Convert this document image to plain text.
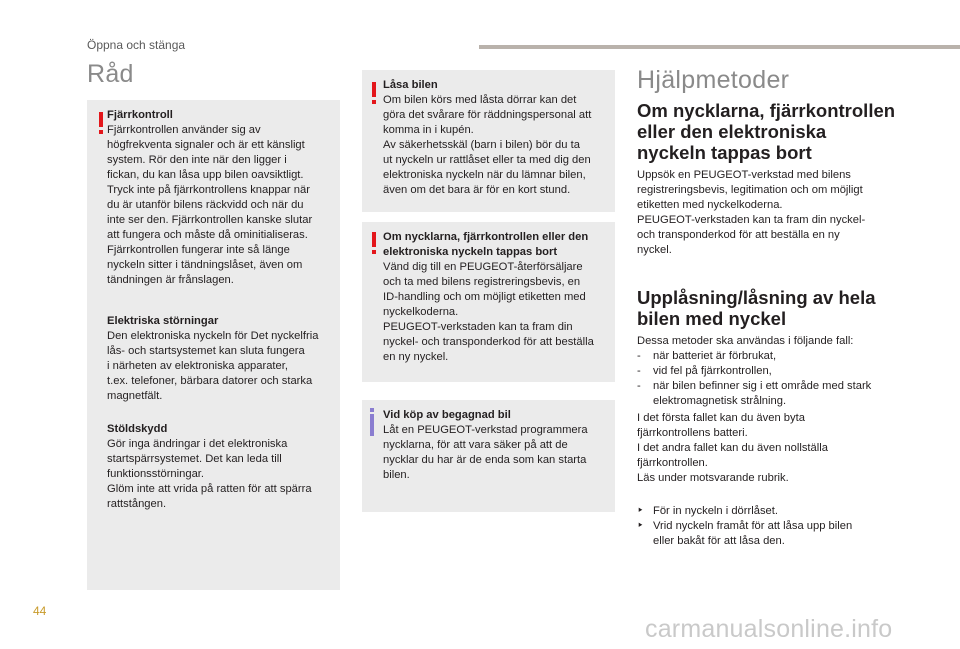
Öppna och stänga
Råd
Fjärrkontroll
Fjärrkontrollen använder sig av
högfrekventa signaler och är ett känsligt
system. Rör den inte när den ligger i
fickan, du kan låsa upp bilen oavsiktligt.
Tryck inte på fjärrkontrollens knappar när
du är utanför bilens räckvidd och när du
inte ser den. Fjärrkontrollen kanske slutar
att fungera och måste då ominitialiseras.
Fjärrkontrollen fungerar inte så länge
nyckeln sitter i tändningslåset, även om
tändningen är frånslagen.
Elektriska störningar
Den elektroniska nyckeln för Det nyckelfria
lås- och startsystemet kan sluta fungera
i närheten av elektroniska apparater,
t.ex. telefoner, bärbara datorer och starka
magnetfält.
Stöldskydd
Gör inga ändringar i det elektroniska
startspärrsystemet. Det kan leda till
funktionsstörningar.
Glöm inte att vrida på ratten för att spärra
rattstången.
Låsa bilen
Om bilen körs med låsta dörrar kan det
göra det svårare för räddningspersonal att
komma in i kupén.
Av säkerhetsskäl (barn i bilen) bör du ta
ut nyckeln ur rattlåset eller ta med dig den
elektroniska nyckeln när du lämnar bilen,
även om det bara är för en kort stund.
Om nycklarna, fjärrkontrollen eller den
elektroniska nyckeln tappas bort
Vänd dig till en PEUGEOT-återförsäljare
och ta med bilens registreringsbevis, en
ID-handling och om möjligt etiketten med
nyckelkoderna.
PEUGEOT-verkstaden kan ta fram din
nyckel- och transponderkod för att beställa
en ny nyckel.
Vid köp av begagnad bil
Låt en PEUGEOT-verkstad programmera
nycklarna, för att vara säker på att de
nycklar du har är de enda som kan starta
bilen.
Hjälpmetoder
Om nycklarna, fjärrkontrollen
eller den elektroniska
nyckeln tappas bort
Uppsök en PEUGEOT-verkstad med bilens
registreringsbevis, legitimation och om möjligt
etiketten med nyckelkoderna.
PEUGEOT-verkstaden kan ta fram din nyckel-
och transponderkod för att beställa en ny
nyckel.
Upplåsning/låsning av hela
bilen med nyckel
Dessa metoder ska användas i följande fall:
- när batteriet är förbrukat,
- vid fel på fjärrkontrollen,
- när bilen befinner sig i ett område med stark
elektromagnetisk strålning.
I det första fallet kan du även byta
fjärrkontrollens batteri.
I det andra fallet kan du även nollställa
fjärrkontrollen.
Läs under motsvarande rubrik.
‣ För in nyckeln i dörrlåset.
‣ Vrid nyckeln framåt för att låsa upp bilen
eller bakåt för att låsa den.
44
carmanualsonline.info
